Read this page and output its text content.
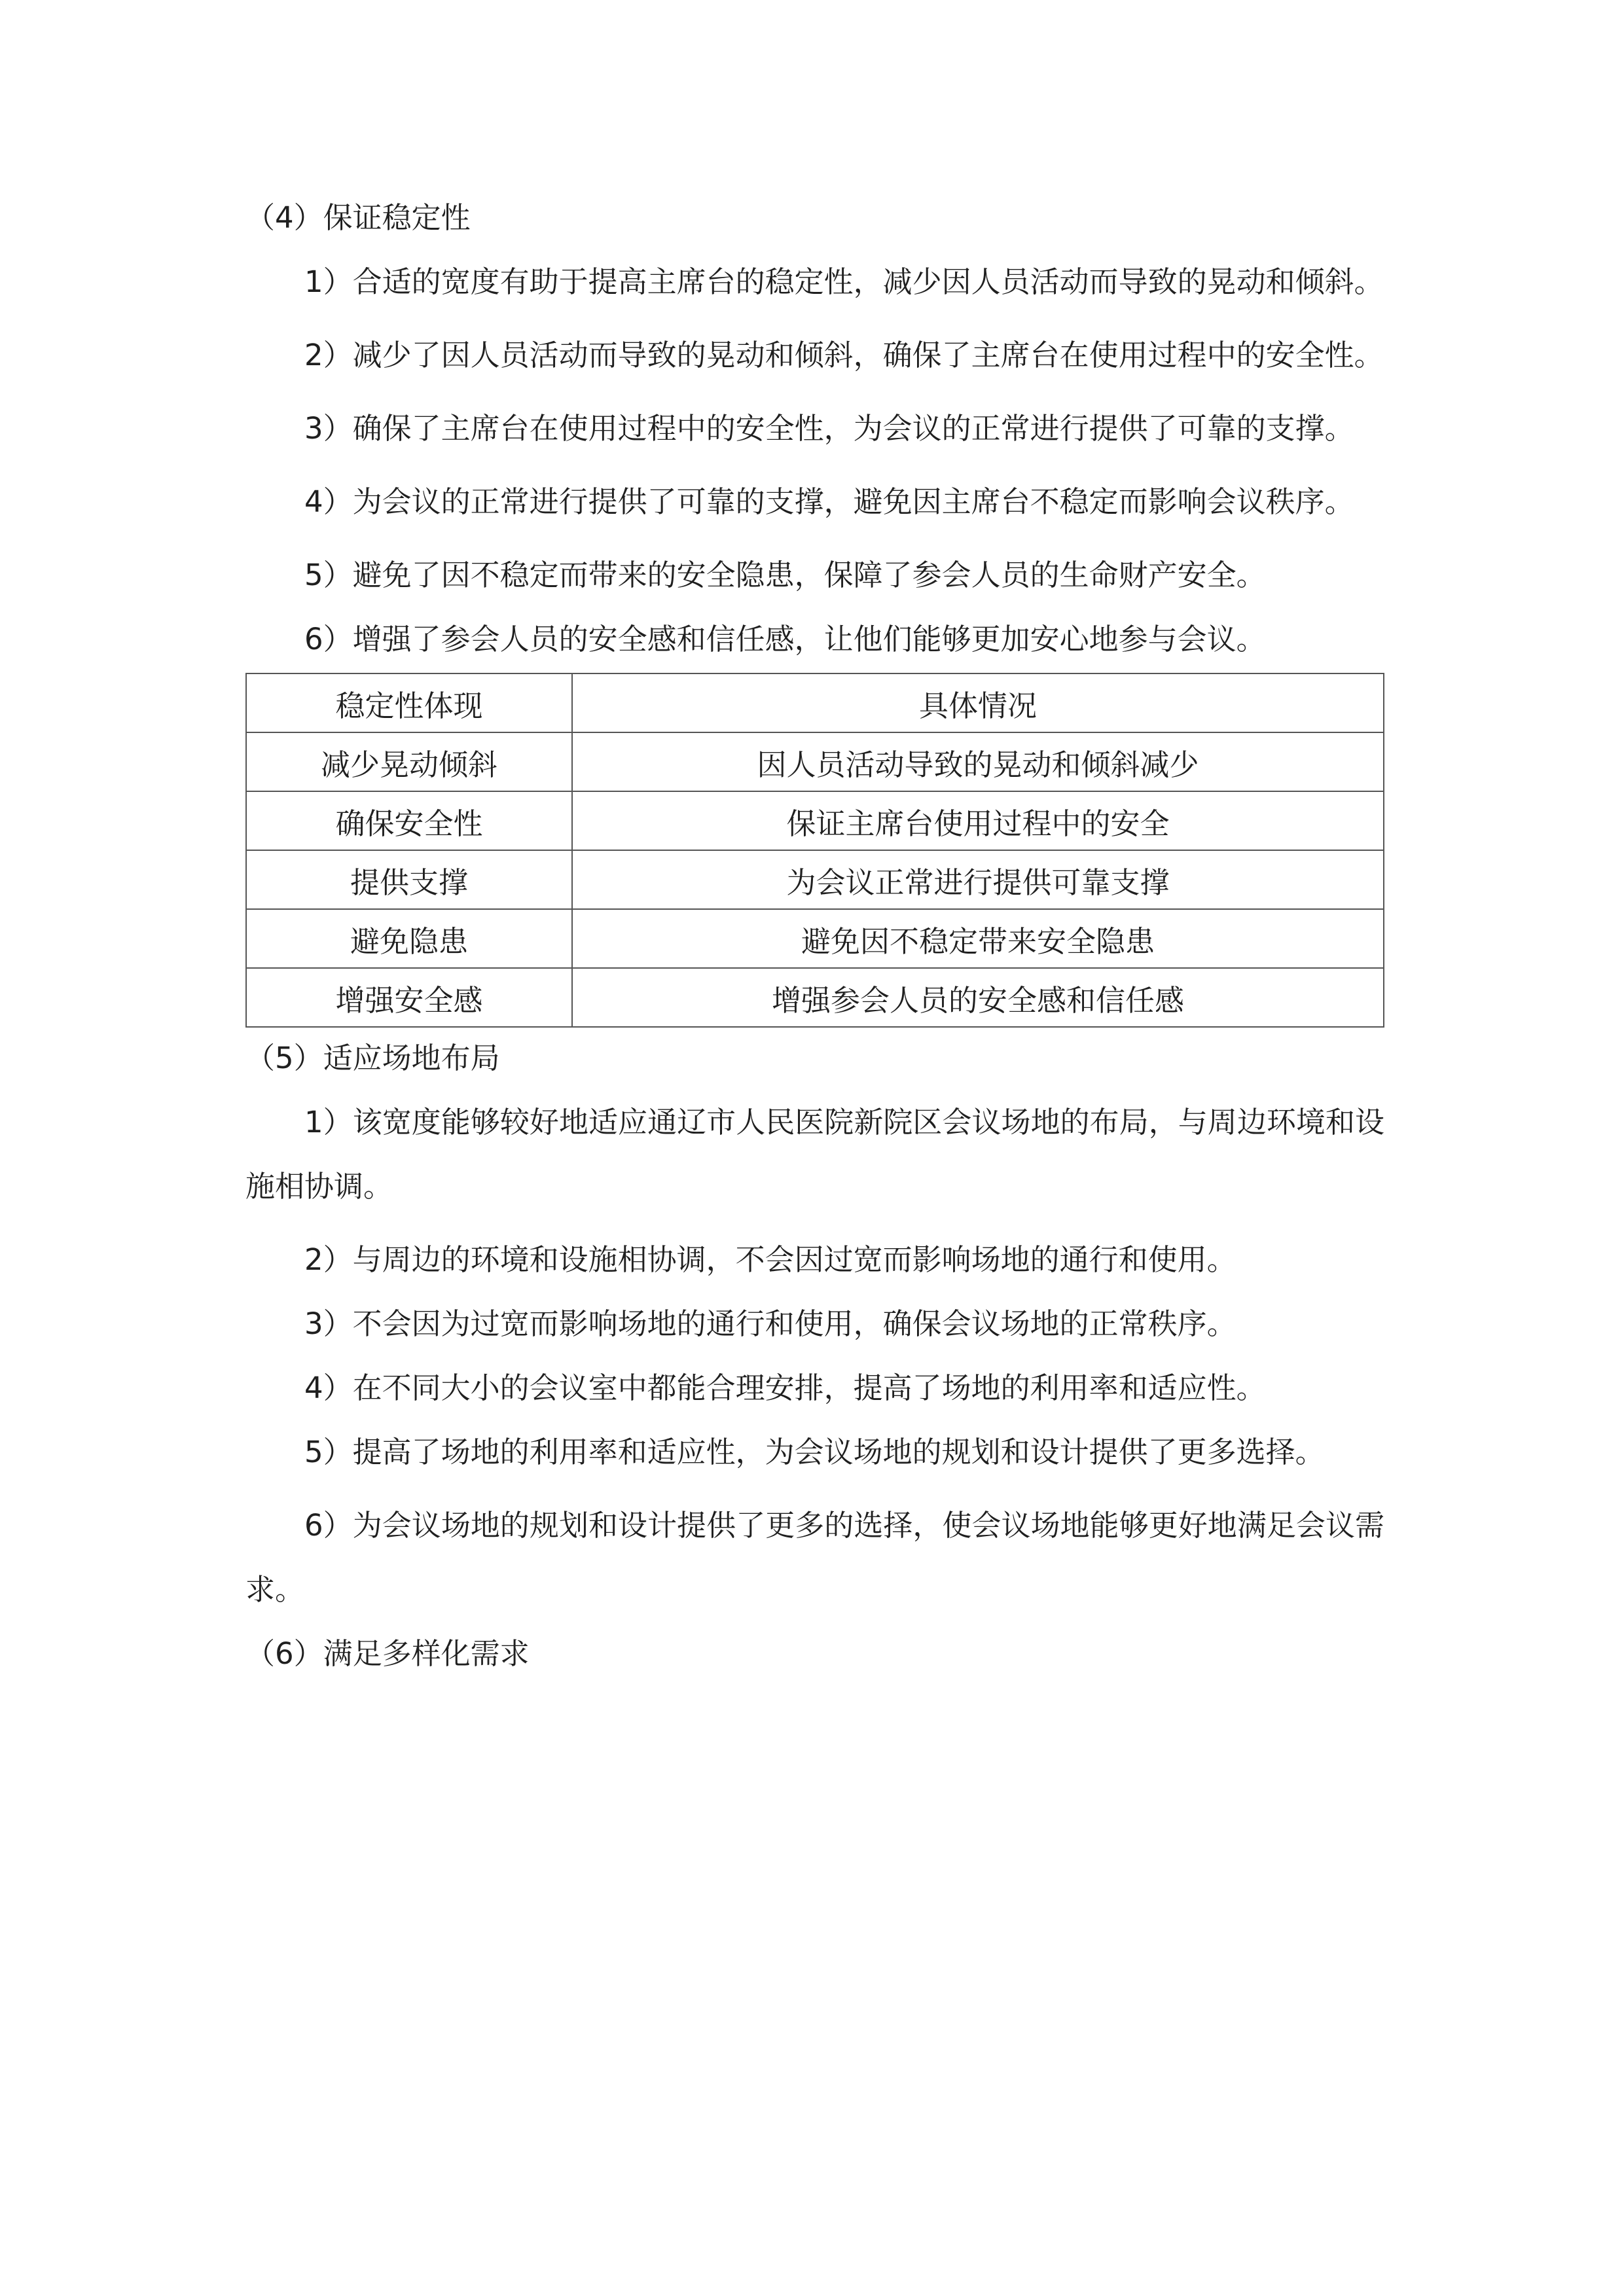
（4）保证稳定性

1）合适的宽度有助于提高主席台的稳定性，减少因人员活动而导致的晃动和倾斜。

2）减少了因人员活动而导致的晃动和倾斜，确保了主席台在使用过程中的安全性。

3）确保了主席台在使用过程中的安全性，为会议的正常进行提供了可靠的支撑。

4）为会议的正常进行提供了可靠的支撑，避免因主席台不稳定而影响会议秩序。

5）避免了因不稳定而带来的安全隐患，保障了参会人员的生命财产安全。

6）增强了参会人员的安全感和信任感，让他们能够更加安心地参与会议。

稳定性体现	具体情况
减少晃动倾斜	因人员活动导致的晃动和倾斜减少
确保安全性	保证主席台使用过程中的安全
提供支撑	为会议正常进行提供可靠支撑
避免隐患	避免因不稳定带来安全隐患
增强安全感	增强参会人员的安全感和信任感

（5）适应场地布局

1）该宽度能够较好地适应通辽市人民医院新院区会议场地的布局，与周边环境和设施相协调。

2）与周边的环境和设施相协调，不会因过宽而影响场地的通行和使用。

3）不会因为过宽而影响场地的通行和使用，确保会议场地的正常秩序。

4）在不同大小的会议室中都能合理安排，提高了场地的利用率和适应性。

5）提高了场地的利用率和适应性，为会议场地的规划和设计提供了更多选择。

6）为会议场地的规划和设计提供了更多的选择，使会议场地能够更好地满足会议需求。

（6）满足多样化需求
